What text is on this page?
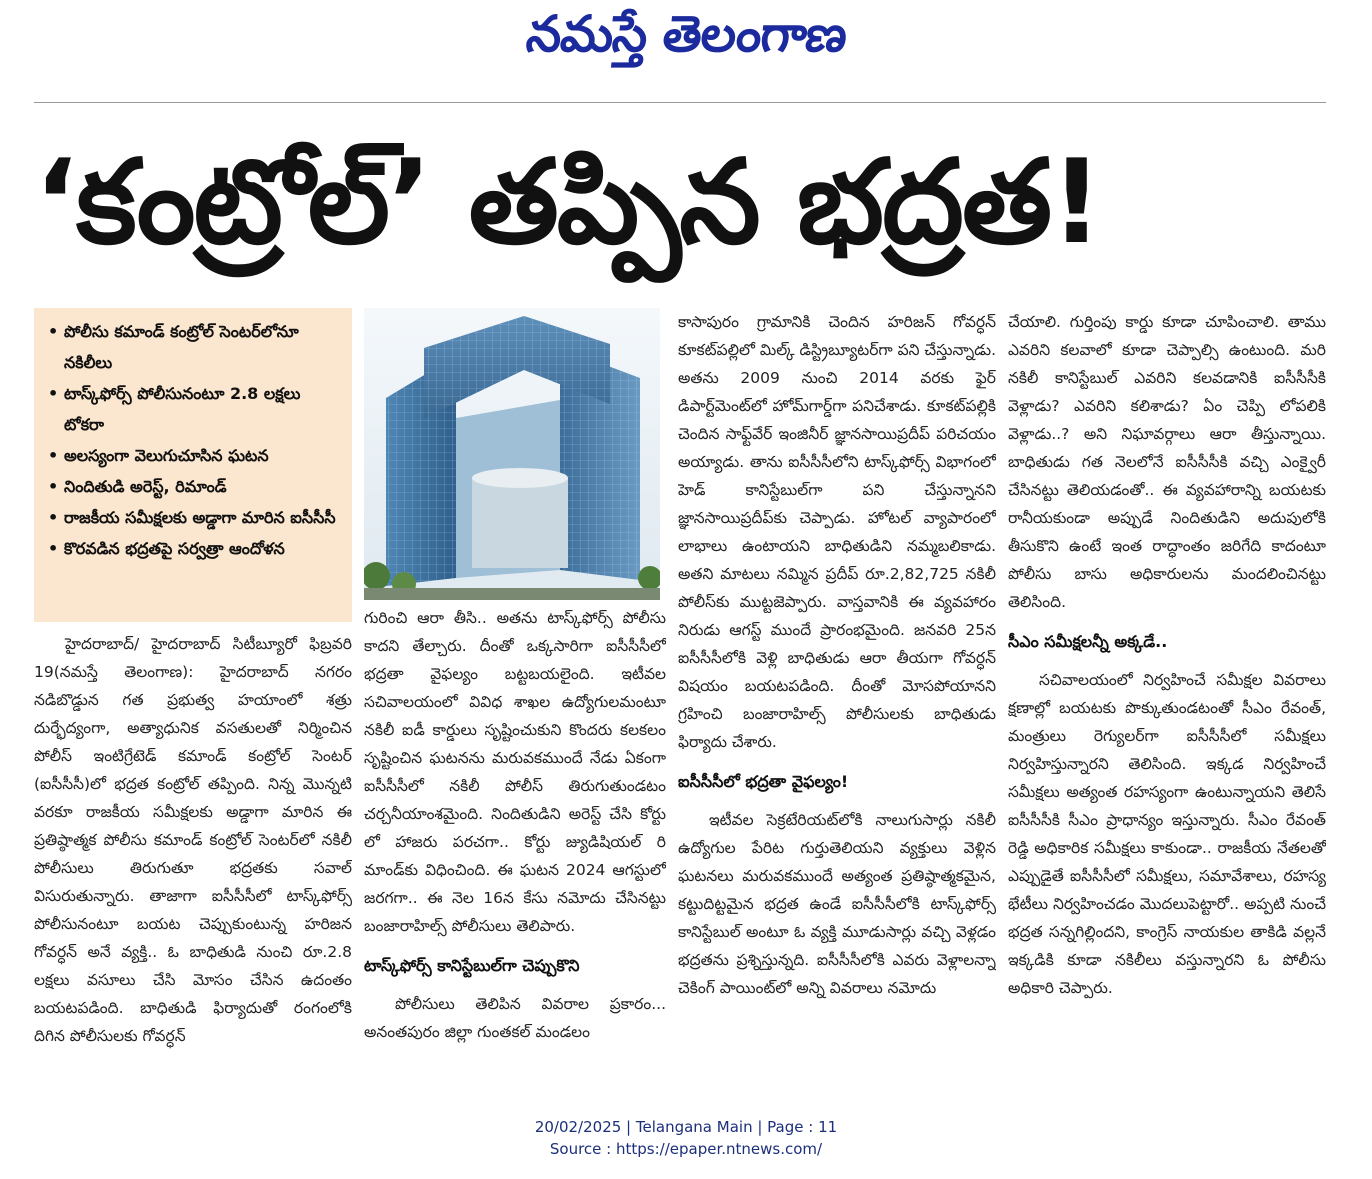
నమస్తే తెలంగాణ
‘కంట్రోల్’ తప్పిన భద్రత!
• పోలీసు కమాండ్ కంట్రోల్ సెంటర్‌లోనూ నకిలీలు
• టాస్క్‌ఫోర్స్ పోలీసునంటూ 2.8 లక్షలు టోకరా
• అలస్యంగా వెలుగుచూసిన ఘటన
• నిందితుడి అరెస్ట్, రిమాండ్
• రాజకీయ సమీక్షలకు అడ్డాగా మారిన ఐసీసీసీ
• కొరవడిన భద్రతపై సర్వత్రా ఆందోళన

హైదరాబాద్/ హైదరాబాద్ సిటీబ్యూరో ఫిబ్రవరి 19(నమస్తే తెలంగాణ): హైదరాబాద్ నగరం నడిబొడ్డున గత ప్రభుత్వ హయాంలో శత్రు దుర్భేద్యంగా, అత్యాధునిక వసతులతో నిర్మించిన పోలీస్ ఇంటిగ్రేటెడ్ కమాండ్ కంట్రోల్ సెంటర్ (ఐసీసీసీ)లో భద్రత కంట్రోల్ తప్పింది. నిన్న మొన్నటి వరకూ రాజకీయ సమీక్షలకు అడ్డాగా మారిన ఈ ప్రతిష్ఠాత్మక పోలీసు కమాండ్ కంట్రోల్ సెంటర్‌లో నకిలీ పోలీసులు తిరుగుతూ భద్రతకు సవాల్ విసురుతున్నారు. తాజాగా ఐసీసీసీలో టాస్క్‌ఫోర్స్ పోలీసునంటూ బయట చెప్పుకుంటున్న హరిజన గోవర్ధన్ అనే వ్యక్తి.. ఓ బాధితుడి నుంచి రూ.2.8 లక్షలు వసూలు చేసి మోసం చేసిన ఉదంతం బయటపడింది. బాధితుడి ఫిర్యాదుతో రంగంలోకి దిగిన పోలీసులకు గోవర్ధన్

గురించి ఆరా తీసి.. అతను టాస్క్‌ఫోర్స్ పోలీసు కాదని తేల్చారు. దీంతో ఒక్కసారిగా ఐసీసీసీలో భద్రతా వైఫల్యం బట్టబయలైంది. ఇటీవల సచివాలయంలో వివిధ శాఖల ఉద్యోగులమంటూ నకిలీ ఐడీ కార్డులు సృష్టించుకుని కొందరు కలకలం సృష్టించిన ఘటనను మరువకముందే నేడు ఏకంగా ఐసీసీసీలో నకిలీ పోలీస్ తిరుగుతుండటం చర్చనీయాంశమైంది. నిందితుడిని అరెస్ట్ చేసి కోర్టు లో హాజరు పరచగా.. కోర్టు జ్యుడిషియల్ రి మాండ్‌కు విధించింది. ఈ ఘటన 2024 ఆగస్టులో జరగగా.. ఈ నెల 16న కేసు నమోదు చేసినట్టు బంజారాహిల్స్ పోలీసులు తెలిపారు.

టాస్క్‌ఫోర్స్ కానిస్టేబుల్‌గా చెప్పుకొని

పోలీసులు తెలిపిన వివరాల ప్రకారం... అనంతపురం జిల్లా గుంతకల్ మండలం

కాసాపురం గ్రామానికి చెందిన హరిజన్ గోవర్ధన్ కూకట్‌పల్లిలో మిల్క్ డిస్ట్రిబ్యూటర్‌గా పని చేస్తున్నాడు. అతను 2009 నుంచి 2014 వరకు ఫైర్ డిపార్ట్‌మెంట్‌లో హోమ్‌గార్డ్‌గా పనిచేశాడు. కూకట్‌పల్లికి చెందిన సాఫ్ట్‌వేర్ ఇంజినీర్ జ్ఞానసాయిప్రదీప్ పరిచయం అయ్యాడు. తాను ఐసీసీసీలోని టాస్క్‌ఫోర్స్ విభాగంలో హెడ్ కానిస్టేబుల్‌గా పని చేస్తున్నానని జ్ఞానసాయిప్రదీప్‌కు చెప్పాడు. హోటల్ వ్యాపారంలో లాభాలు ఉంటాయని బాధితుడిని నమ్మబలికాడు. అతని మాటలు నమ్మిన ప్రదీప్ రూ.2,82,725 నకిలీ పోలీస్‌కు ముట్టజెప్పారు. వాస్తవానికి ఈ వ్యవహారం నిరుడు ఆగస్ట్ ముందే ప్రారంభమైంది. జనవరి 25న ఐసీసీసీలోకి వెళ్లి బాధితుడు ఆరా తీయగా గోవర్ధన్ విషయం బయటపడింది. దీంతో మోసపోయానని గ్రహించి బంజారాహిల్స్ పోలీసులకు బాధితుడు ఫిర్యాదు చేశారు.

ఐసీసీసీలో భద్రతా వైఫల్యం!

ఇటీవల సెక్రటేరియట్‌లోకి నాలుగుసార్లు నకిలీ ఉద్యోగుల పేరిట గుర్తుతెలియని వ్యక్తులు వెళ్లిన ఘటనలు మరువకముందే అత్యంత ప్రతిష్ఠాత్మకమైన, కట్టుదిట్టమైన భద్రత ఉండే ఐసీసీసీలోకి టాస్క్‌ఫోర్స్ కానిస్టేబుల్ అంటూ ఓ వ్యక్తి మూడుసార్లు వచ్చి వెళ్లడం భద్రతను ప్రశ్నిస్తున్నది. ఐసీసీసీలోకి ఎవరు వెళ్లాలన్నా చెకింగ్ పాయింట్‌లో అన్ని వివరాలు నమోదు

చేయాలి. గుర్తింపు కార్డు కూడా చూపించాలి. తాము ఎవరిని కలవాలో కూడా చెప్పాల్సి ఉంటుంది. మరి నకిలీ కానిస్టేబుల్ ఎవరిని కలవడానికి ఐసీసీసీకి వెళ్లాడు? ఎవరిని కలిశాడు? ఏం చెప్పి లోపలికి వెళ్లాడు..? అని నిఘావర్గాలు ఆరా తీస్తున్నాయి. బాధితుడు గత నెలలోనే ఐసీసీసీకి వచ్చి ఎంక్వైరీ చేసినట్టు తెలియడంతో.. ఈ వ్యవహారాన్ని బయటకు రానీయకుండా అప్పుడే నిందితుడిని అదుపులోకి తీసుకొని ఉంటే ఇంత రాద్ధాంతం జరిగేది కాదంటూ పోలీసు బాసు అధికారులను మందలించినట్టు తెలిసింది.

సీఎం సమీక్షలన్నీ అక్కడే..

సచివాలయంలో నిర్వహించే సమీక్షల వివరాలు క్షణాల్లో బయటకు పొక్కుతుండటంతో సీఎం రేవంత్, మంత్రులు రెగ్యులర్‌గా ఐసీసీసీలో సమీక్షలు నిర్వహిస్తున్నారని తెలిసింది. ఇక్కడ నిర్వహించే సమీక్షలు అత్యంత రహస్యంగా ఉంటున్నాయని తెలిసే ఐసీసీసీకి సీఎం ప్రాధాన్యం ఇస్తున్నారు. సీఎం రేవంత్ రెడ్డి అధికారిక సమీక్షలు కాకుండా.. రాజకీయ నేతలతో ఎప్పుడైతే ఐసీసీసీలో సమీక్షలు, సమావేశాలు, రహస్య భేటీలు నిర్వహించడం మొదలుపెట్టారో.. అప్పటి నుంచే భద్రత సన్నగిల్లిందని, కాంగ్రెస్ నాయకుల తాకిడి వల్లనే ఇక్కడికి కూడా నకిలీలు వస్తున్నారని ఓ పోలీసు అధికారి చెప్పారు.

20/02/2025 | Telangana Main | Page : 11
Source : https://epaper.ntnews.com/
